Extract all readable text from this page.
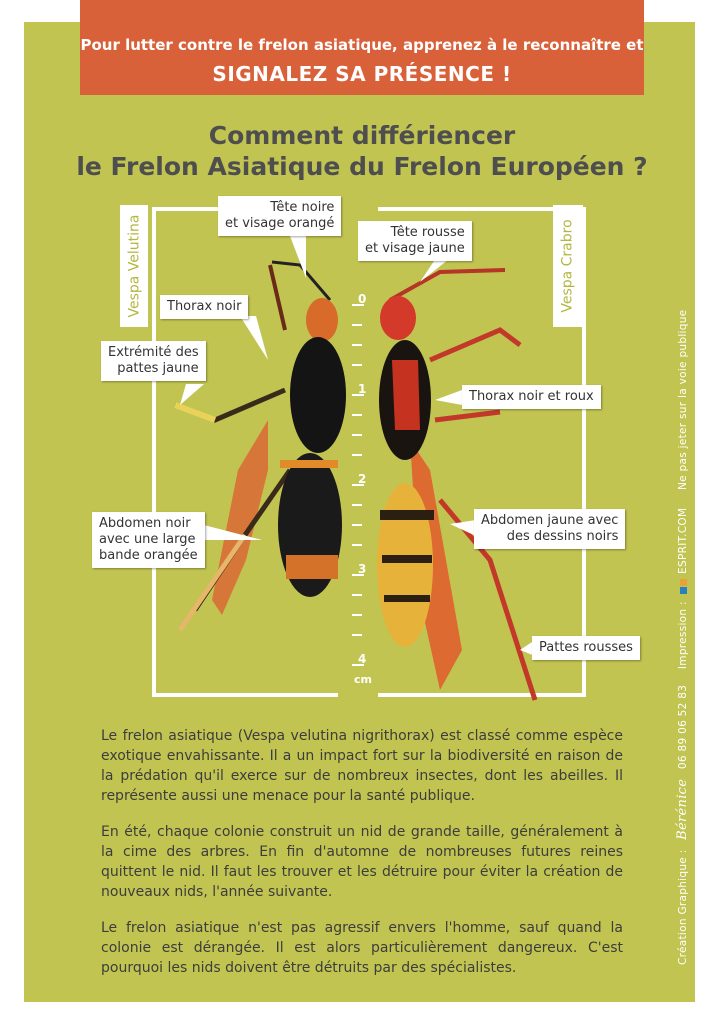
Pour lutter contre le frelon asiatique, apprenez à le reconnaître et
SIGNALEZ SA PRÉSENCE !
Comment différiencer
le Frelon Asiatique du Frelon Européen ?
Vespa Velutina	Vespa Crabro
0
1
2
3
4
cm
Tête noire
et visage orangé
Thorax noir
Extrémité des
pattes jaune
Abdomen noir
avec une large
bande orangée
Tête rousse
et visage jaune
Thorax noir et roux
Abdomen jaune avec
des dessins noirs
Pattes rousses
Le frelon asiatique (Vespa velutina nigrithorax) est classé comme espèce exotique envahissante. Il a un impact fort sur la biodiversité en raison de la prédation qu'il exerce sur de nombreux insectes, dont les abeilles. Il représente aussi une menace pour la santé publique.
En été, chaque colonie construit un nid de grande taille, généralement à la cime des arbres. En fin d'automne de nombreuses futures reines quittent le nid. Il faut les trouver et les détruire pour éviter la création de nouveaux nids, l'année suivante.
Le frelon asiatique n'est pas agressif envers l'homme, sauf quand la colonie est dérangée. Il est alors particulièrement dangereux. C'est pourquoi les nids doivent être détruits par des spécialistes.
Création Graphique : Bérénice 06 89 06 52 83 Impression :  ESPRIT.COM Ne pas jeter sur la voie publique
